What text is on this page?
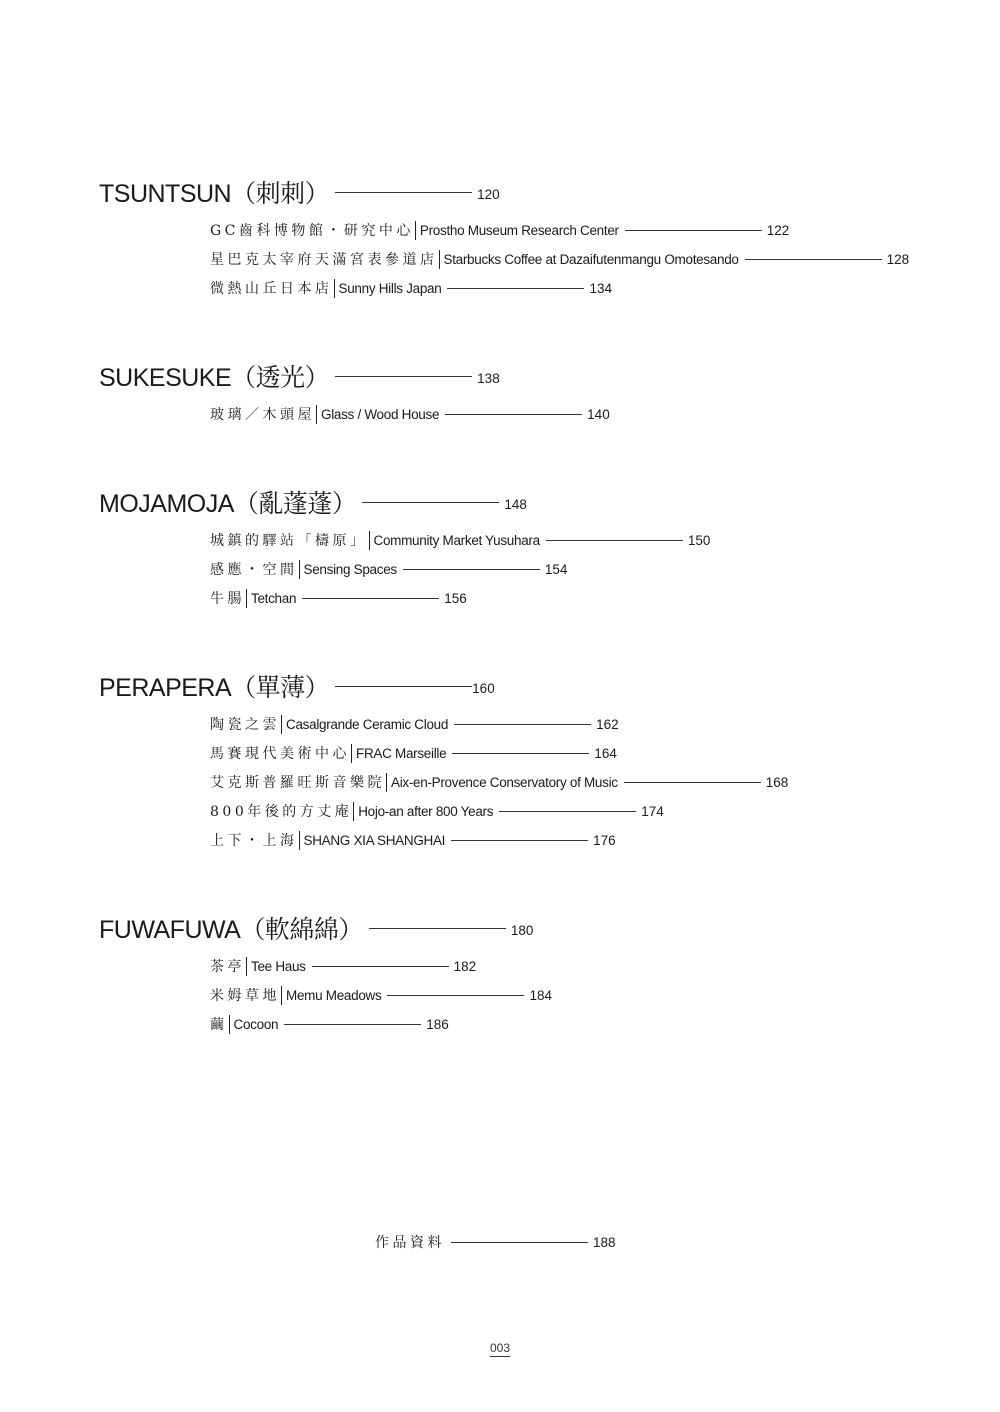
TSUNTSUN（刺刺）	120
GC齒科博物館・研究中心 Prostho Museum Research Center	122
星巴克太宰府天滿宮表參道店 Starbucks Coffee at Dazaifutenmangu Omotesando	128
微熱山丘日本店 Sunny Hills Japan	134
SUKESUKE（透光）	138
玻璃／木頭屋 Glass / Wood House	140
MOJAMOJA（亂蓬蓬）	148
城鎮的驛站「檮原」 Community Market Yusuhara	150
感應・空間 Sensing Spaces	154
牛腸 Tetchan	156
PERAPERA（單薄）	160
陶瓷之雲 Casalgrande Ceramic Cloud	162
馬賽現代美術中心 FRAC Marseille	164
艾克斯普羅旺斯音樂院 Aix-en-Provence Conservatory of Music	168
800年後的方丈庵 Hojo-an after 800 Years	174
上下・上海 SHANG XIA SHANGHAI	176
FUWAFUWA（軟綿綿）	180
茶亭 Tee Haus	182
米姆草地 Memu Meadows	184
繭 Cocoon	186
作品資料	188
003
